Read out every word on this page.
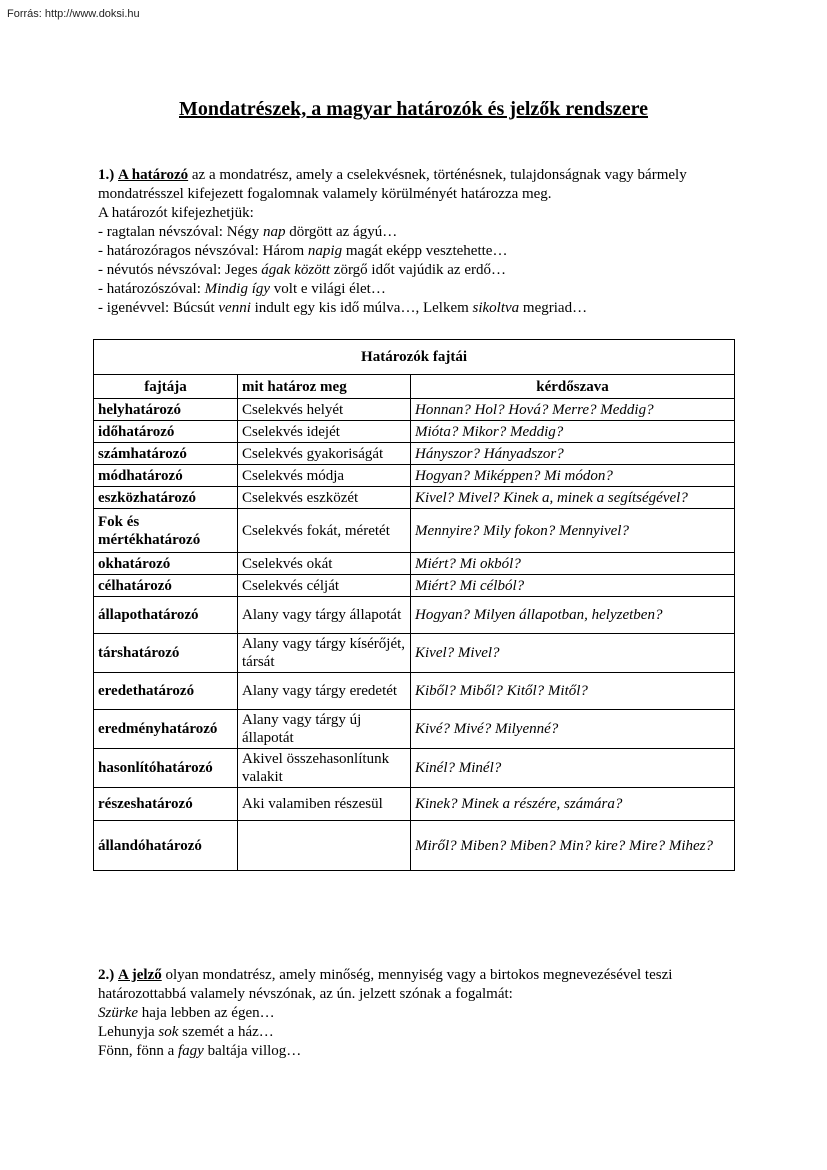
Forrás: http://www.doksi.hu
Mondatrészek, a magyar határozók és jelzők rendszere

1.) A határozó az a mondatrész, amely a cselekvésnek, történésnek, tulajdonságnak vagy bármely mondatrésszel kifejezett fogalomnak valamely körülményét határozza meg.

A határozót kifejezhetjük:

- ragtalan névszóval: Négy nap dörgött az ágyú…

- határozóragos névszóval: Három napig magát eképp vesztehette…

- névutós névszóval: Jeges ágak között zörgő időt vajúdik az erdő…

- határozószóval: Mindig így volt e világi élet…

- igenévvel: Búcsút venni indult egy kis idő múlva…, Lelkem sikoltva megriad…

Határozók fajtái		
fajtája	mit határoz meg	kérdőszava
helyhatározó	Cselekvés helyét	Honnan? Hol? Hová? Merre? Meddig?
időhatározó	Cselekvés idejét	Mióta? Mikor? Meddig?
számhatározó	Cselekvés gyakoriságát	Hányszor? Hányadszor?
módhatározó	Cselekvés módja	Hogyan? Miképpen? Mi módon?
eszközhatározó	Cselekvés eszközét	Kivel? Mivel? Kinek a, minek a segítségével?
Fok és mértékhatározó	Cselekvés fokát, méretét	Mennyire? Mily fokon? Mennyivel?
okhatározó	Cselekvés okát	Miért? Mi okból?
célhatározó	Cselekvés célját	Miért? Mi célból?
állapothatározó	Alany vagy tárgy állapotát	Hogyan? Milyen állapotban, helyzetben?
társhatározó	Alany vagy tárgy kísérőjét, társát	Kivel? Mivel?
eredethatározó	Alany vagy tárgy eredetét	Kiből? Miből? Kitől? Mitől?
eredményhatározó	Alany vagy tárgy új állapotát	Kivé? Mivé? Milyenné?
hasonlítóhatározó	Akivel összehasonlítunk valakit	Kinél? Minél?
részeshatározó	Aki valamiben részesül	Kinek? Minek a részére, számára?
állandóhatározó		Miről? Miben? Miben? Min? kire? Mire? Mihez?

2.) A jelző olyan mondatrész, amely minőség, mennyiség vagy a birtokos megnevezésével teszi határozottabbá valamely névszónak, az ún. jelzett szónak a fogalmát:

Szürke haja lebben az égen…

Lehunyja sok szemét a ház…

Fönn, fönn a fagy baltája villog…
